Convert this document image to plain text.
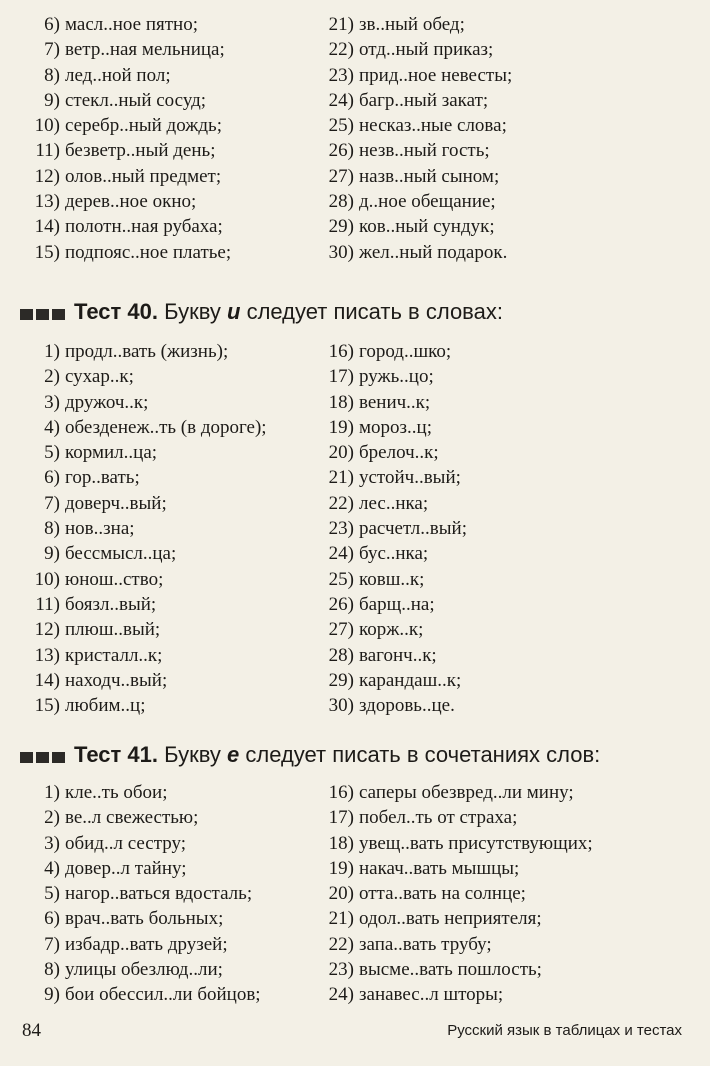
6) масл..ное пятно;
7) ветр..ная мельница;
8) лед..ной пол;
9) стекл..ный сосуд;
10) серебр..ный дождь;
11) безветр..ный день;
12) олов..ный предмет;
13) дерев..ное окно;
14) полотн..ная рубаха;
15) подпояс..ное платье;
21) зв..ный обед;
22) отд..ный приказ;
23) прид..ное невесты;
24) багр..ный закат;
25) несказ..ные слова;
26) незв..ный гость;
27) назв..ный сыном;
28) д..ное обещание;
29) ков..ный сундук;
30) жел..ный подарок.
Тест 40. Букву и следует писать в словах:
1) продл..вать (жизнь);
2) сухар..к;
3) дружоч..к;
4) обезденеж..ть (в дороге);
5) кормил..ца;
6) гор..вать;
7) доверч..вый;
8) нов..зна;
9) бессмысл..ца;
10) юнош..ство;
11) боязл..вый;
12) плюш..вый;
13) кристалл..к;
14) находч..вый;
15) любим..ц;
16) город..шко;
17) ружь..цо;
18) венич..к;
19) мороз..ц;
20) брелоч..к;
21) устойч..вый;
22) лес..нка;
23) расчетл..вый;
24) бус..нка;
25) ковш..к;
26) барщ..на;
27) корж..к;
28) вагонч..к;
29) карандаш..к;
30) здоровь..це.
Тест 41. Букву е следует писать в сочетаниях слов:
1) кле..ть обои;
2) ве..л свежестью;
3) обид..л сестру;
4) довер..л тайну;
5) нагор..ваться вдосталь;
6) врач..вать больных;
7) избадр..вать друзей;
8) улицы обезлюд..ли;
9) бои обессил..ли бойцов;
16) саперы обезвред..ли мину;
17) побел..ть от страха;
18) увещ..вать присутствующих;
19) накач..вать мышцы;
20) отта..вать на солнце;
21) одол..вать неприятеля;
22) запа..вать трубу;
23) высме..вать пошлость;
24) занавес..л шторы;
84	Русский язык в таблицах и тестах
